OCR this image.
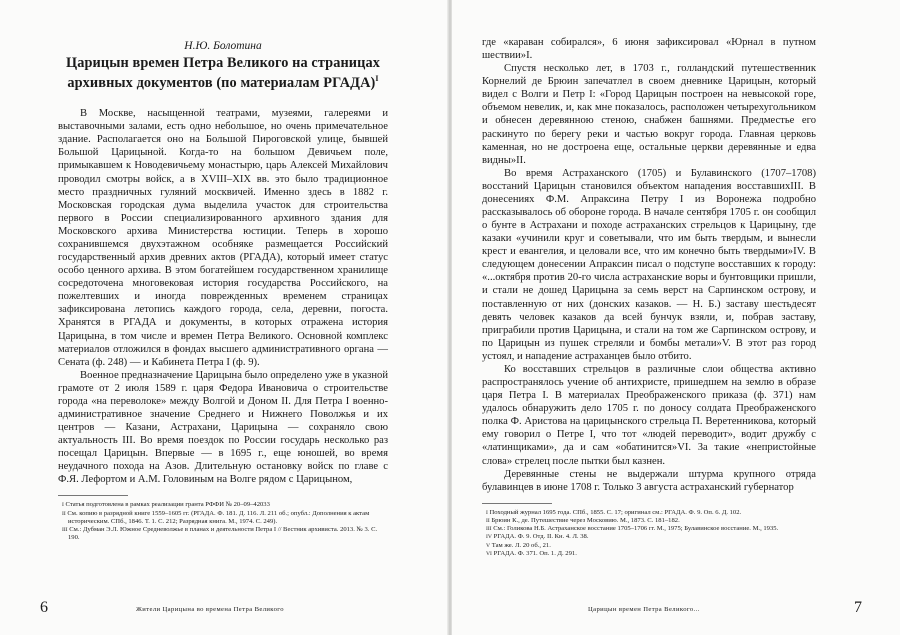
Н.Ю. Болотина
Царицын времен Петра Великого на страницах архивных документов (по материалам РГАДА)$^I$

В Москве, насыщенной театрами, музеями, галереями и выставочными залами, есть одно небольшое, но очень примечательное здание. Располагается оно на Большой Пироговской улице, бывшей Большой Царицыной. Когда-то на большом Девичьем поле, примыкавшем к Новодевичьему монастырю, царь Алексей Михайлович проводил смотры войск, а в XVIII–XIX вв. это было традиционное место праздничных гуляний москвичей. Именно здесь в 1882 г. Московская городская дума выделила участок для строительства первого в России специализированного архивного здания для Московского архива Министерства юстиции. Теперь в хорошо сохранившемся двухэтажном особняке размещается Российский государственный архив древних актов (РГАДА), который имеет статус особо ценного архива. В этом богатейшем государственном хранилище сосредоточена многовековая история государства Российского, на пожелтевших и иногда поврежденных временем страницах зафиксирована летопись каждого города, села, деревни, погоста. Хранятся в РГАДА и документы, в которых отражена история Царицына, в том числе и времен Петра Великого. Основной комплекс материалов отложился в фондах высшего административного органа — Сената (ф. 248) — и Кабинета Петра I (ф. 9).

Военное предназначение Царицына было определено уже в указной грамоте от 2 июля 1589 г. царя Федора Ивановича о строительстве города «на переволоке» между Волгой и Доном ІІ. Для Петра I военно-административное значение Среднего и Нижнего Поволжья и их центров — Казани, Астрахани, Царицына — сохраняло свою актуальность ІІІ. Во время поездок по России государь несколько раз посещал Царицын. Впервые — в 1695 г., еще юношей, во время неудачного похода на Азов. Длительную остановку войск по главе с Ф.Я. Лефортом и А.М. Головиным на Волге рядом с Царицыном,

I Статья подготовлена в рамках реализации гранта РФФИ № 20–09–42033

II См. копию в разрядной книге 1559–1605 гг. (РГАДА. Ф. 181. Д. 116. Л. 211 об.; опубл.: Дополнения к актам историческим. СПб., 1846. Т. 1. С. 212; Разрядная книга. М., 1974. С. 249).

III См.: Дубман Э.Л. Южное Средневолжье в планах и деятельности Петра I // Вестник архивиста. 2013. № 3. С. 190.

6	Жители Царицына во времена Петра Великого

где «караван собирался», 6 июня зафиксировал «Юрнал в путном шествии»I.

Спустя несколько лет, в 1703 г., голландский путешественник Корнелий де Брюин запечатлел в своем дневнике Царицын, который видел с Волги и Петр I: «Город Царицын построен на невысокой горе, объемом невелик, и, как мне показалось, расположен четырехугольником и обнесен деревянною стеною, снабжен башнями. Предместье его раскинуто по берегу реки и частью вокруг города. Главная церковь каменная, но не достроена еще, остальные церкви деревянные и едва видны»II.

Во время Астраханского (1705) и Булавинского (1707–1708) восстаний Царицын становился объектом нападения восставшихIII. В донесениях Ф.М. Апраксина Петру I из Воронежа подробно рассказывалось об обороне города. В начале сентября 1705 г. он сообщил о бунте в Астрахани и походе астраханских стрельцов к Царицыну, где казаки «учинили круг и советывали, что им быть твердым, и вынесли крест и евангелия, и целовали все, что им конечно быть твердыми»IV. В следующем донесении Апраксин писал о подступе восставших к городу: «...октября против 20-го числа астраханские воры и бунтовщики пришли, и стали не дошед Царицына за семь верст на Сарпинском острову, и поставленную от них (донских казаков. — Н. Б.) заставу шестьдесят девять человек казаков да всей бунчук взяли, и, побрав заставу, приграбили против Царицына, и стали на том же Сарпинском острову, и по Царицын из пушек стреляли и бомбы метали»V. В этот раз город устоял, и нападение астраханцев было отбито.

Ко восставших стрельцов в различные слои общества активно распространялось учение об антихристе, пришедшем на землю в образе царя Петра I. В материалах Преображенского приказа (ф. 371) нам удалось обнаружить дело 1705 г. по доносу солдата Преображенского полка Ф. Аристова на царицынского стрельца П. Веретенникова, который ему говорил о Петре I, что тот «людей переводит», водит дружбу с «латинщиками», да и сам «обатинится»VI. За такие «непристойные слова» стрелец после пытки был казнен.

Деревянные стены не выдержали штурма крупного отряда булавинцев в июне 1708 г. Только 3 августа астраханский губернатор

I Походный журнал 1695 года. СПб., 1855. С. 17; оригинал см.: РГАДА. Ф. 9. Оп. 6. Д. 102.

II Брюин К., де. Путешествие через Московию. М., 1873. С. 181–182.

III См.: Голикова Н.Б. Астраханское восстание 1705–1706 гг. М., 1975; Булавинское восстание. М., 1935.

IV РГАДА. Ф. 9. Отд. II. Кн. 4. Л. 38.

V Там же. Л. 20 об., 21.

VI РГАДА. Ф. 371. Оп. 1. Д. 291.

Царицын времен Петра Великого...	7
